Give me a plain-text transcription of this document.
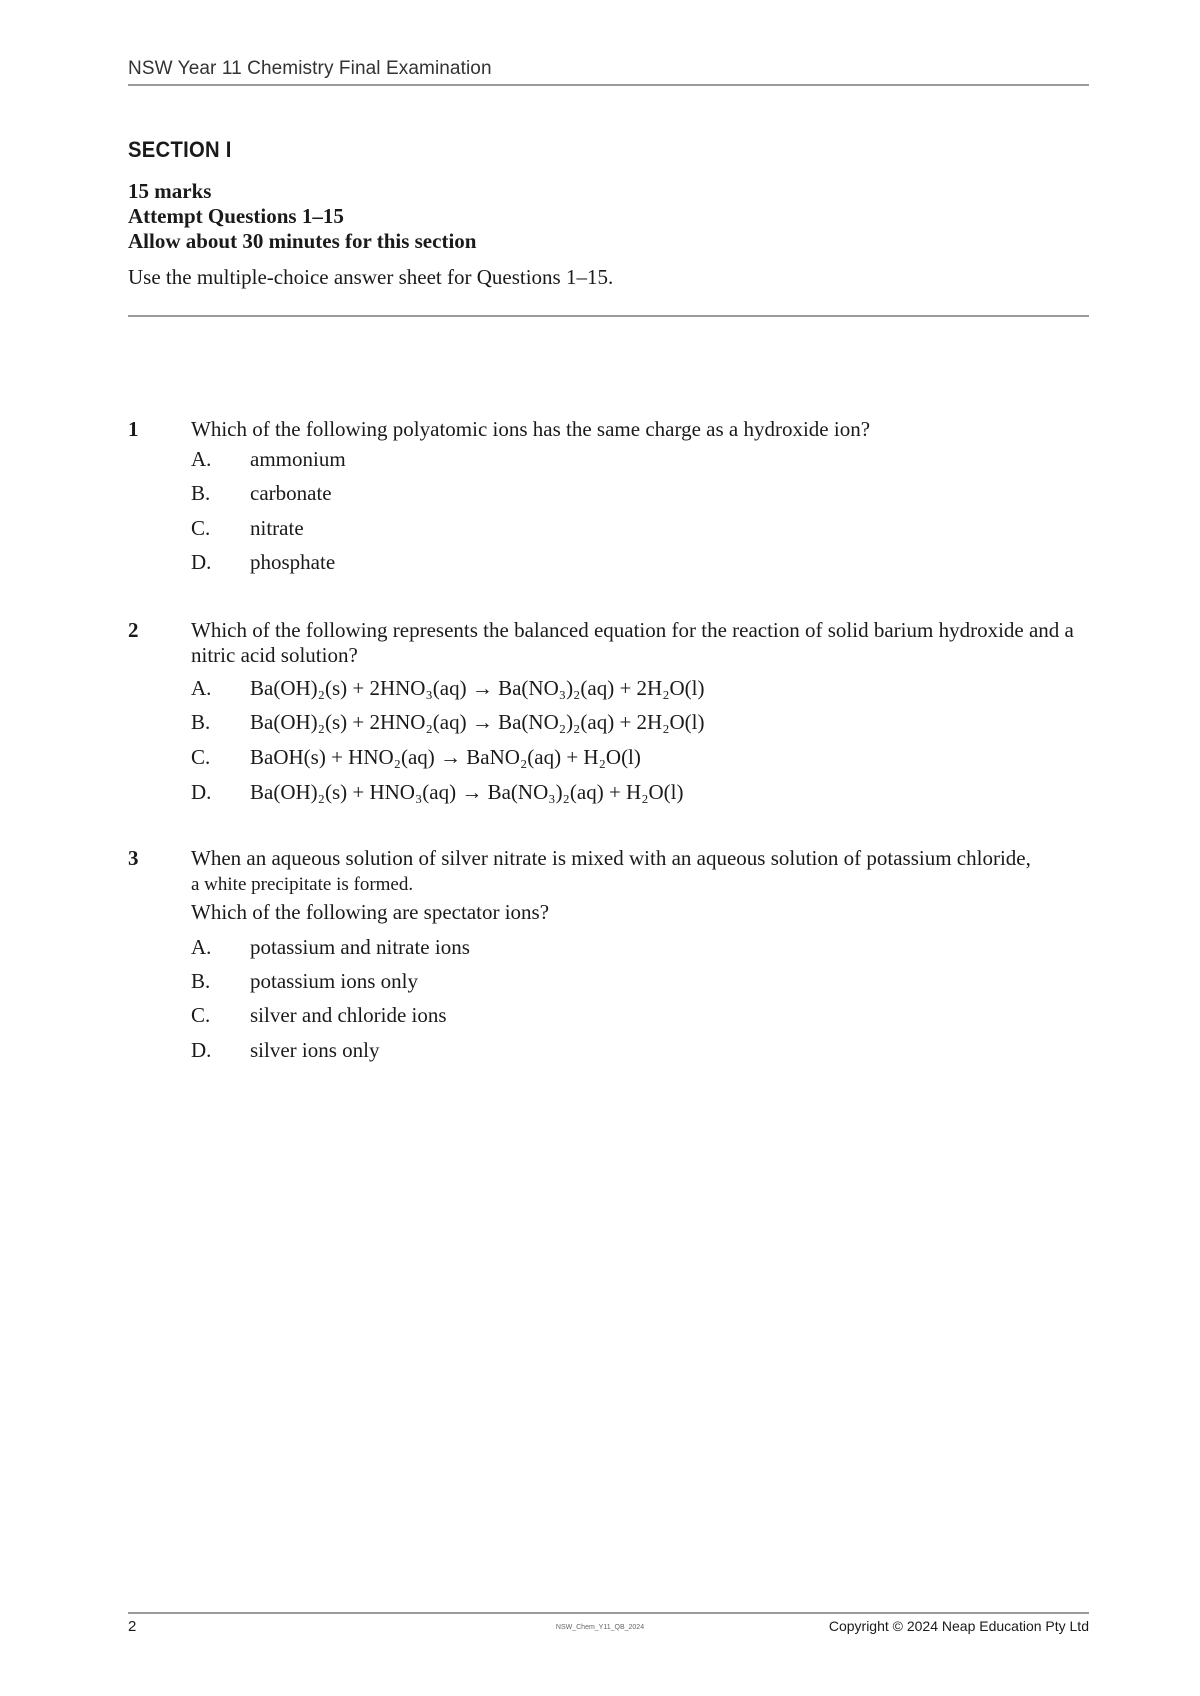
NSW Year 11 Chemistry Final Examination
SECTION I
15 marks
Attempt Questions 1–15
Allow about 30 minutes for this section
Use the multiple-choice answer sheet for Questions 1–15.
1	Which of the following polyatomic ions has the same charge as a hydroxide ion?
A. ammonium
B. carbonate
C. nitrate
D. phosphate
2	Which of the following represents the balanced equation for the reaction of solid barium hydroxide and a nitric acid solution?
A. Ba(OH)₂(s) + 2HNO₃(aq) → Ba(NO₃)₂(aq) + 2H₂O(l)
B. Ba(OH)₂(s) + 2HNO₂(aq) → Ba(NO₂)₂(aq) + 2H₂O(l)
C. BaOH(s) + HNO₂(aq) → BaNO₂(aq) + H₂O(l)
D. Ba(OH)₂(s) + HNO₃(aq) → Ba(NO₃)₂(aq) + H₂O(l)
3	When an aqueous solution of silver nitrate is mixed with an aqueous solution of potassium chloride,
a white precipitate is formed.
Which of the following are spectator ions?
A. potassium and nitrate ions
B. potassium ions only
C. silver and chloride ions
D. silver ions only
2	NSW_Chem_Y11_QB_2024	Copyright © 2024 Neap Education Pty Ltd
